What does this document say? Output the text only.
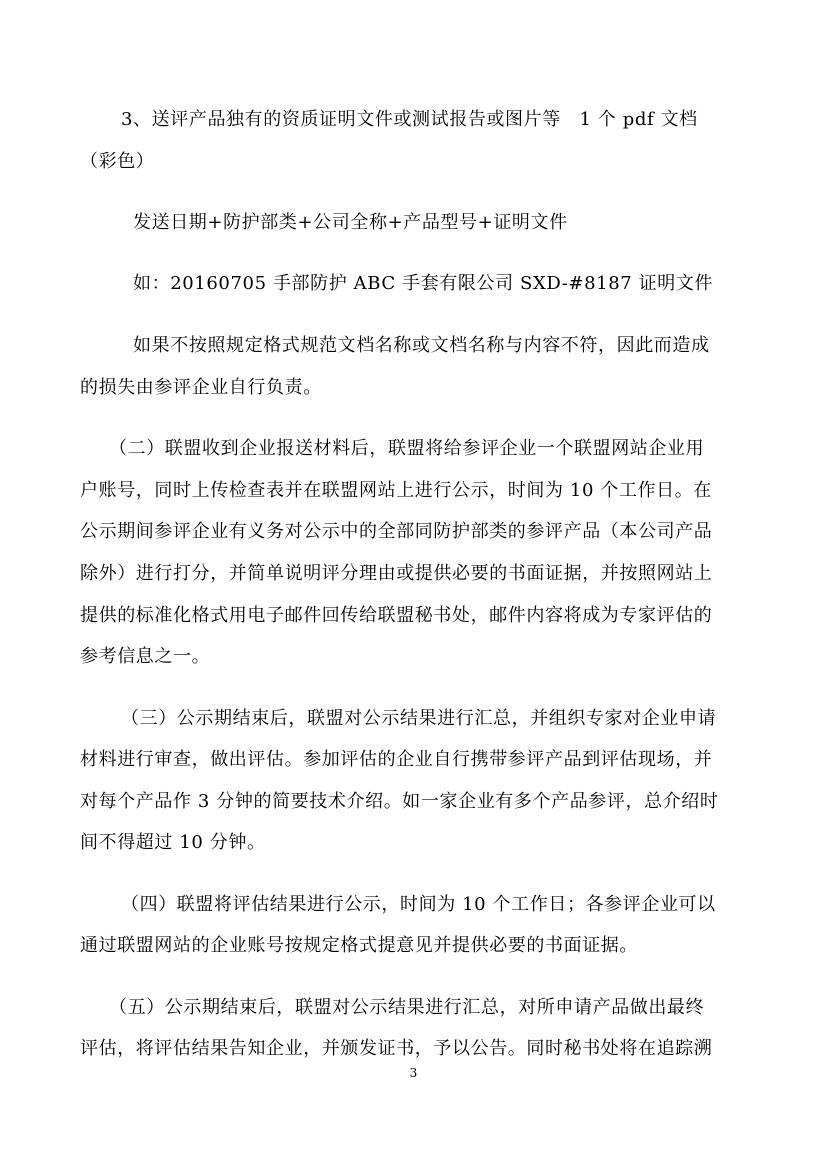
3、送评产品独有的资质证明文件或测试报告或图片等　1 个 pdf 文档

（彩色）

发送日期+防护部类+公司全称+产品型号+证明文件

如：20160705 手部防护 ABC 手套有限公司 SXD-#8187 证明文件

如果不按照规定格式规范文档名称或文档名称与内容不符，因此而造成

的损失由参评企业自行负责。

（二）联盟收到企业报送材料后，联盟将给参评企业一个联盟网站企业用

户账号，同时上传检查表并在联盟网站上进行公示，时间为 10 个工作日。在

公示期间参评企业有义务对公示中的全部同防护部类的参评产品（本公司产品

除外）进行打分，并简单说明评分理由或提供必要的书面证据，并按照网站上

提供的标准化格式用电子邮件回传给联盟秘书处，邮件内容将成为专家评估的

参考信息之一。

（三）公示期结束后，联盟对公示结果进行汇总，并组织专家对企业申请

材料进行审查，做出评估。参加评估的企业自行携带参评产品到评估现场，并

对每个产品作 3 分钟的简要技术介绍。如一家企业有多个产品参评，总介绍时

间不得超过 10 分钟。

（四）联盟将评估结果进行公示，时间为 10 个工作日；各参评企业可以

通过联盟网站的企业账号按规定格式提意见并提供必要的书面证据。

（五）公示期结束后，联盟对公示结果进行汇总，对所申请产品做出最终

评估，将评估结果告知企业，并颁发证书，予以公告。同时秘书处将在追踪溯

3
